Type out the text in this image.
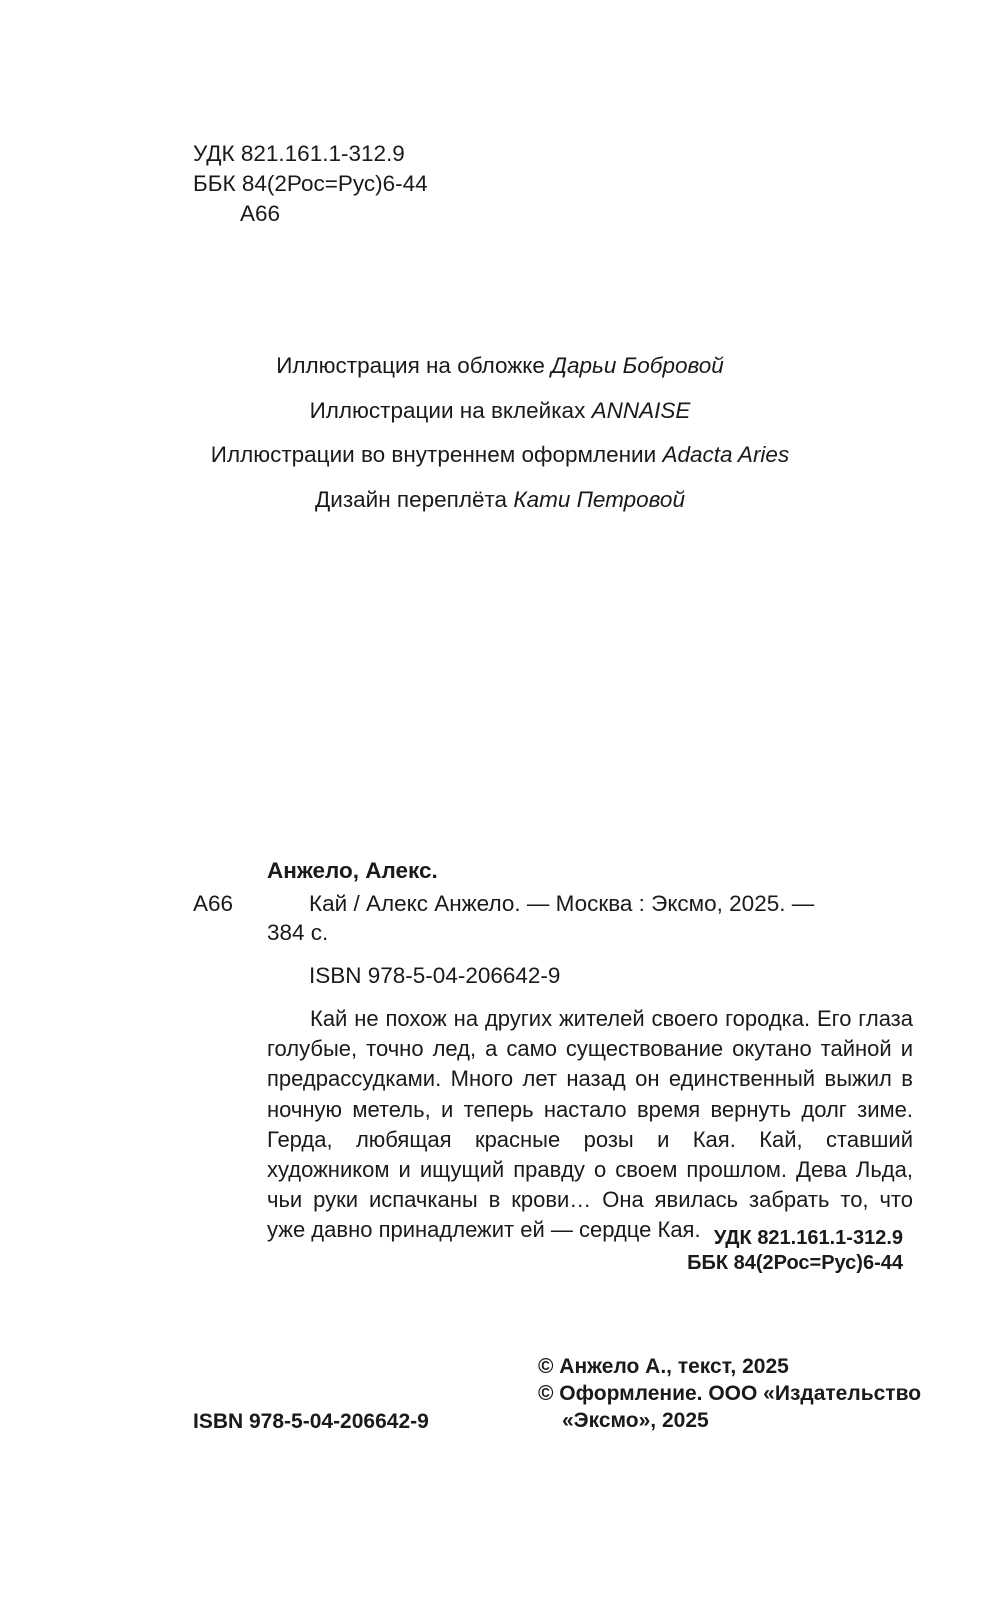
УДК 821.161.1-312.9
ББК 84(2Рос=Рус)6-44
А66
Иллюстрация на обложке Дарьи Бобровой
Иллюстрации на вклейках ANNAISE
Иллюстрации во внутреннем оформлении Adacta Aries
Дизайн переплёта Кати Петровой
Анжело, Алекс.
А66	Кай / Алекс Анжело. — Москва : Эксмо, 2025. —
384 с.
ISBN 978-5-04-206642-9

Кай не похож на других жителей своего городка. Его глаза голубые, точно лед, а само существование окутано тайной и предрассудками. Много лет назад он единственный выжил в ночную метель, и теперь настало время вернуть долг зиме. Герда, любящая красные розы и Кая. Кай, ставший художником и ищущий правду о своем прошлом. Дева Льда, чьи руки испачканы в крови… Она явилась забрать то, что уже давно принадлежит ей — сердце Кая. УДК 821.161.1-312.9
ББК 84(2Рос=Рус)6-44
ISBN 978-5-04-206642-9
© Анжело А., текст, 2025
© Оформление. ООО «Издательство
«Эксмо», 2025
